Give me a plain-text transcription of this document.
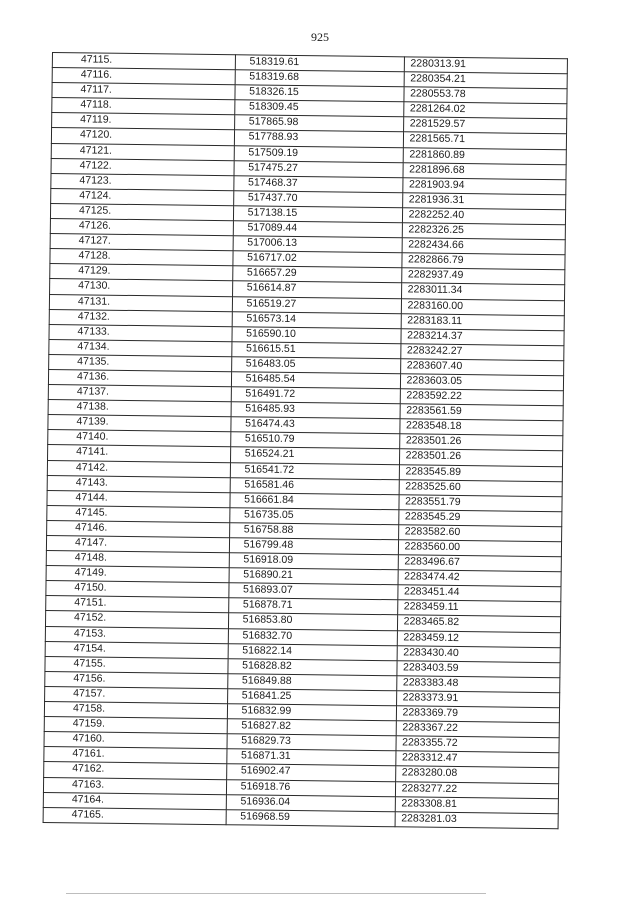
925
47115.	518319.61	2280313.91
47116.	518319.68	2280354.21
47117.	518326.15	2280553.78
47118.	518309.45	2281264.02
47119.	517865.98	2281529.57
47120.	517788.93	2281565.71
47121.	517509.19	2281860.89
47122.	517475.27	2281896.68
47123.	517468.37	2281903.94
47124.	517437.70	2281936.31
47125.	517138.15	2282252.40
47126.	517089.44	2282326.25
47127.	517006.13	2282434.66
47128.	516717.02	2282866.79
47129.	516657.29	2282937.49
47130.	516614.87	2283011.34
47131.	516519.27	2283160.00
47132.	516573.14	2283183.11
47133.	516590.10	2283214.37
47134.	516615.51	2283242.27
47135.	516483.05	2283607.40
47136.	516485.54	2283603.05
47137.	516491.72	2283592.22
47138.	516485.93	2283561.59
47139.	516474.43	2283548.18
47140.	516510.79	2283501.26
47141.	516524.21	2283501.26
47142.	516541.72	2283545.89
47143.	516581.46	2283525.60
47144.	516661.84	2283551.79
47145.	516735.05	2283545.29
47146.	516758.88	2283582.60
47147.	516799.48	2283560.00
47148.	516918.09	2283496.67
47149.	516890.21	2283474.42
47150.	516893.07	2283451.44
47151.	516878.71	2283459.11
47152.	516853.80	2283465.82
47153.	516832.70	2283459.12
47154.	516822.14	2283430.40
47155.	516828.82	2283403.59
47156.	516849.88	2283383.48
47157.	516841.25	2283373.91
47158.	516832.99	2283369.79
47159.	516827.82	2283367.22
47160.	516829.73	2283355.72
47161.	516871.31	2283312.47
47162.	516902.47	2283280.08
47163.	516918.76	2283277.22
47164.	516936.04	2283308.81
47165.	516968.59	2283281.03
